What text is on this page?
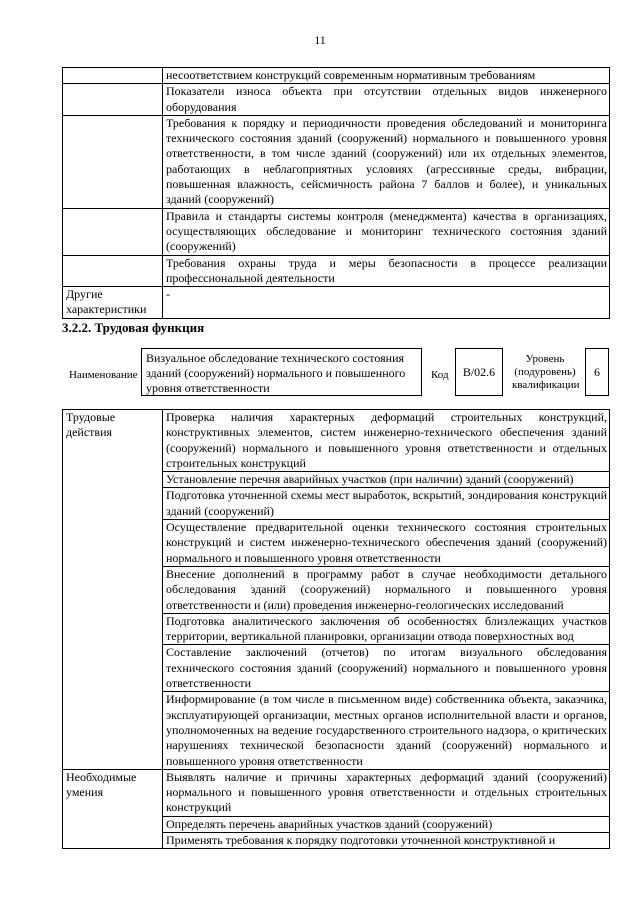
11
	несоответствием конструкций современным нормативным требованиям
	Показатели износа объекта при отсутствии отдельных видов инженерного оборудования
	Требования к порядку и периодичности проведения обследований и мониторинга технического состояния зданий (сооружений) нормального и повышенного уровня ответственности, в том числе зданий (сооружений) или их отдельных элементов, работающих в неблагоприятных условиях (агрессивные среды, вибрации, повышенная влажность, сейсмичность района 7 баллов и более), и уникальных зданий (сооружений)
	Правила и стандарты системы контроля (менеджмента) качества в организациях, осуществляющих обследование и мониторинг технического состояния зданий (сооружений)
	Требования охраны труда и меры безопасности в процессе реализации профессиональной деятельности
Другие характеристики	-
3.2.2. Трудовая функция
Наименование
Визуальное обследование технического состояния зданий (сооружений) нормального и повышенного уровня ответственности
Код	B/02.6
Уровень (подуровень) квалификации
6
Трудовые действия	Проверка наличия характерных деформаций строительных конструкций, конструктивных элементов, систем инженерно-технического обеспечения зданий (сооружений) нормального и повышенного уровня ответственности и отдельных строительных конструкций
	Установление перечня аварийных участков (при наличии) зданий (сооружений)
	Подготовка уточненной схемы мест выработок, вскрытий, зондирования конструкций зданий (сооружений)
	Осуществление предварительной оценки технического состояния строительных конструкций и систем инженерно-технического обеспечения зданий (сооружений) нормального и повышенного уровня ответственности
	Внесение дополнений в программу работ в случае необходимости детального обследования зданий (сооружений) нормального и повышенного уровня ответственности и (или) проведения инженерно-геологических исследований
	Подготовка аналитического заключения об особенностях близлежащих участков территории, вертикальной планировки, организации отвода поверхностных вод
	Составление заключений (отчетов) по итогам визуального обследования технического состояния зданий (сооружений) нормального и повышенного уровня ответственности
	Информирование (в том числе в письменном виде) собственника объекта, заказчика, эксплуатирующей организации, местных органов исполнительной власти и органов, уполномоченных на ведение государственного строительного надзора, о критических нарушениях технической безопасности зданий (сооружений) нормального и повышенного уровня ответственности
Необходимые умения	Выявлять наличие и причины характерных деформаций зданий (сооружений) нормального и повышенного уровня ответственности и отдельных строительных конструкций
	Определять перечень аварийных участков зданий (сооружений)
	Применять требования к порядку подготовки уточненной конструктивной и
